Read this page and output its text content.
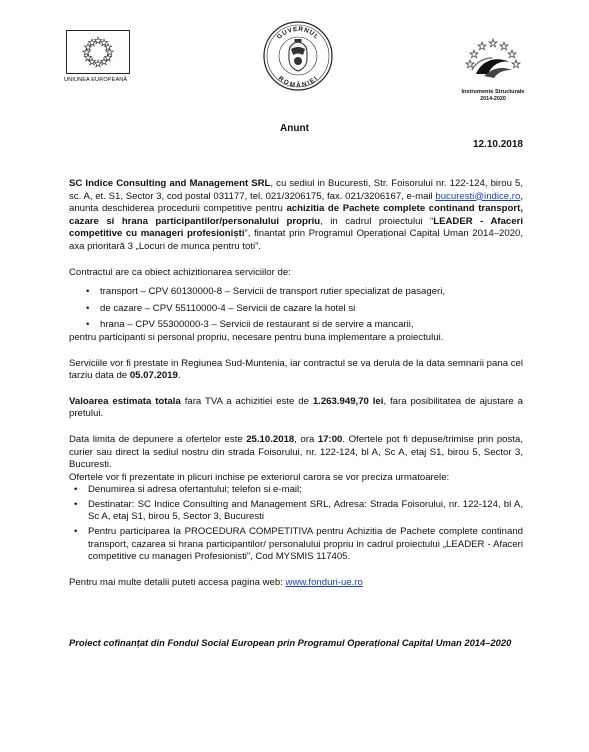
UNIUNEA EUROPEANĂ
GUVERNUL
ROMÂNIEI
Instrumente Structurale
2014-2020
Anunt
12.10.2018

SC Indice Consulting and Management SRL, cu sediul in Bucuresti, Str. Foisorului nr. 122-124, birou 5, sc. A, et. S1, Sector 3, cod postal 031177, tel. 021/3206175, fax. 021/3206167, e-mail bucuresti@indice.ro, anunta deschiderea procedurii competitive pentru achizitia de Pachete complete continand transport, cazare si hrana participantilor/personalului propriu, in cadrul proiectului “LEADER - Afaceri competitive cu manageri profesioniști”, finantat prin Programul Operațional Capital Uman 2014–2020, axa prioritară 3 „Locuri de munca pentru toti”.

Contractul are ca obiect achizitionarea serviciilor de:

• transport – CPV 60130000-8 – Servicii de transport rutier specializat de pasageri,
• de cazare – CPV 55110000-4 – Servicii de cazare la hotel si
• hrana – CPV 55300000-3 – Servicii de restaurant si de servire a mancarii,

pentru participanti si personal propriu, necesare pentru buna implementare a proiectului.

Serviciile vor fi prestate in Regiunea Sud-Muntenia, iar contractul se va derula de la data semnarii pana cel tarziu data de 05.07.2019.

Valoarea estimata totala fara TVA a achizitiei este de 1.263.949,70 lei, fara posibilitatea de ajustare a pretului.

Data limita de depunere a ofertelor este 25.10.2018, ora 17:00. Ofertele pot fi depuse/trimise prin posta, curier sau direct la sediul nostru din strada Foisorului, nr. 122-124, bl A, Sc A, etaj S1, birou 5, Sector 3, Bucuresti.

Ofertele vor fi prezentate in plicuri inchise pe exteriorul carora se vor preciza urmatoarele:

• Denumirea si adresa ofertantului; telefon si e-mail;
• Destinatar: SC Indice Consulting and Management SRL, Adresa: Strada Foisorului, nr. 122-124, bl A, Sc A, etaj S1, birou 5, Sector 3, Bucuresti
• Pentru participarea la PROCEDURA COMPETITIVA pentru Achizitia de Pachete complete continand transport, cazarea si hrana participantilor/ personalului propriu in cadrul proiectului „LEADER - Afaceri competitive cu manageri Profesionisti”, Cod MYSMIS 117405.

Pentru mai multe detalii puteti accesa pagina web: www.fonduri-ue.ro

Proiect cofinanțat din Fondul Social European prin Programul Operațional Capital Uman 2014–2020
